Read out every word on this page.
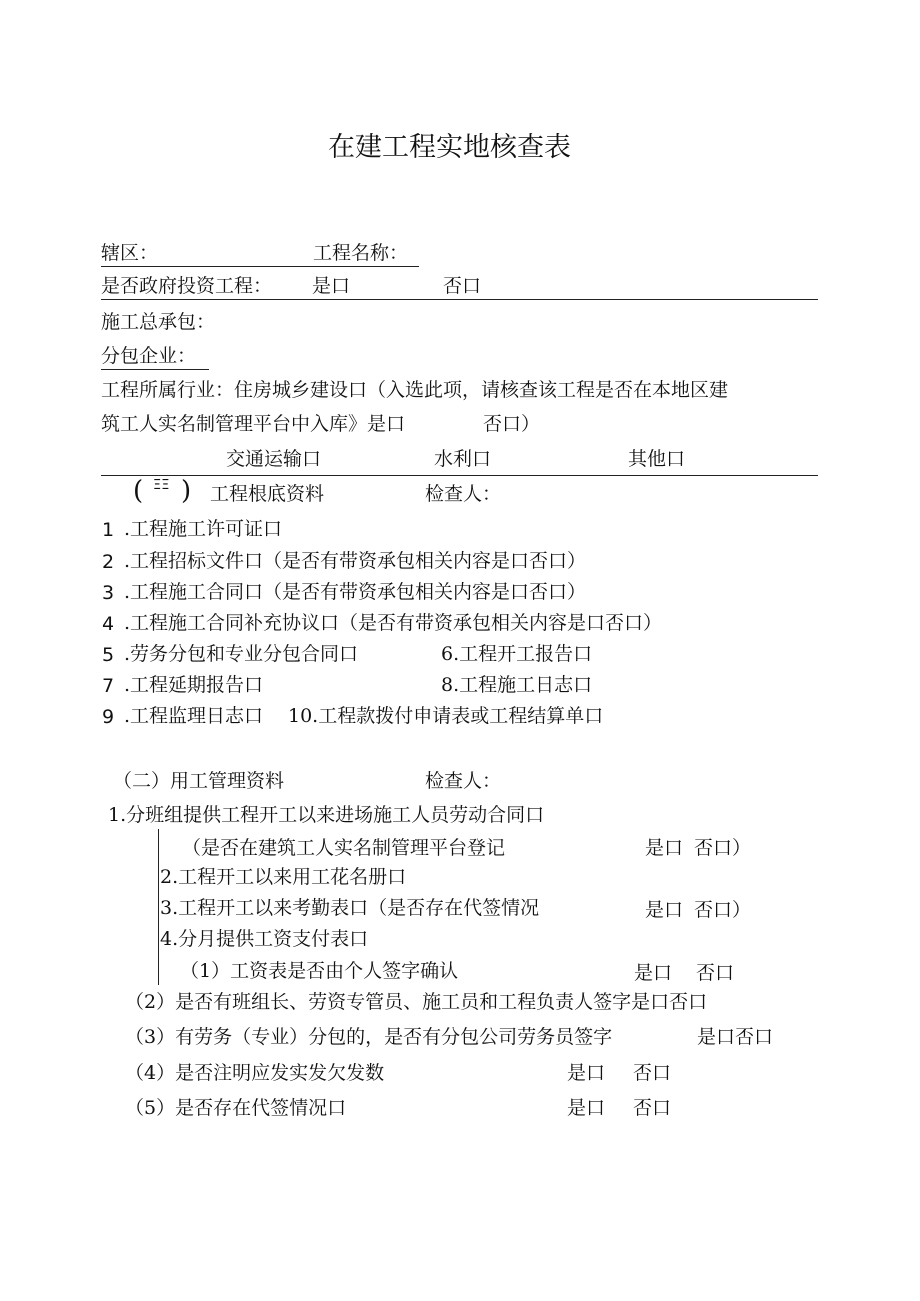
在建工程实地核查表
辖区：	工程名称：
是否政府投资工程： 是口	否口
施工总承包：
分包企业：
工程所属行业：住房城乡建设口（入选此项，请核查该工程是否在本地区建
筑工人实名制管理平台中入库》是口	否口）
交通运输口	水利口	其他口
( ΞΞ ) 工程根底资料	检查人：
1 .工程施工许可证口
2 .工程招标文件口（是否有带资承包相关内容是口否口）
3 .工程施工合同口（是否有带资承包相关内容是口否口）
4 .工程施工合同补充协议口（是否有带资承包相关内容是口否口）
5 .劳务分包和专业分包合同口	6.工程开工报告口
7 .工程延期报告口	8.工程施工日志口
9 .工程监理日志口 10.工程款拨付申请表或工程结算单口
（二）用工管理资料	检查人：
1.分班组提供工程开工以来进场施工人员劳动合同口
（是否在建筑工人实名制管理平台登记	是口 否口）
2.工程开工以来用工花名册口
3.工程开工以来考勤表口（是否存在代签情况	是口 否口）
4.分月提供工资支付表口
（1）工资表是否由个人签字确认	是口 否口
（2）是否有班组长、劳资专管员、施工员和工程负责人签字是口否口
（3）有劳务（专业）分包的，是否有分包公司劳务员签字	是口否口
（4）是否注明应发实发欠发数	是口 否口
（5）是否存在代签情况口	是口 否口
